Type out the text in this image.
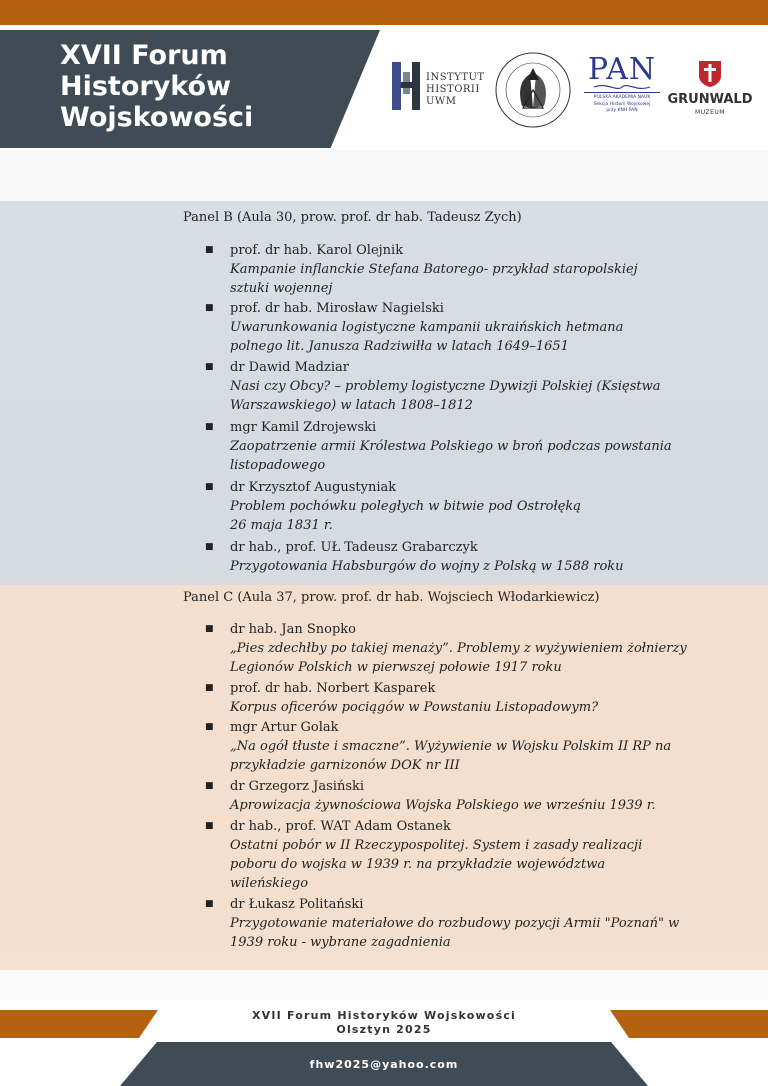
XVII Forum
Historyków
Wojskowości
INSTYTUT
HISTORII
UWM
PAN
POLSKA AKADEMIA NAUK
Sekcja Historii Wojskowej
przy KNH PAN
GRUNWALD
MUZEUM
Panel B (Aula 30, prow. prof. dr hab. Tadeusz Zych)
■ prof. dr hab. Karol Olejnik
Kampanie inflanckie Stefana Batorego- przykład staropolskiej
sztuki wojennej
■ prof. dr hab. Mirosław Nagielski
Uwarunkowania logistyczne kampanii ukraińskich hetmana
polnego lit. Janusza Radziwiłła w latach 1649–1651
■ dr Dawid Madziar
Nasi czy Obcy? – problemy logistyczne Dywizji Polskiej (Księstwa
Warszawskiego) w latach 1808–1812
■ mgr Kamil Zdrojewski
Zaopatrzenie armii Królestwa Polskiego w broń podczas powstania
listopadowego
■ dr Krzysztof Augustyniak
Problem pochówku poległych w bitwie pod Ostrołęką
26 maja 1831 r.
■ dr hab., prof. UŁ Tadeusz Grabarczyk
Przygotowania Habsburgów do wojny z Polską w 1588 roku
Panel C (Aula 37, prow. prof. dr hab. Wojsciech Włodarkiewicz)
■ dr hab. Jan Snopko
„Pies zdechłby po takiej menaży”. Problemy z wyżywieniem żołnierzy
Legionów Polskich w pierwszej połowie 1917 roku
■ prof. dr hab. Norbert Kasparek
Korpus oficerów pociągów w Powstaniu Listopadowym?
■ mgr Artur Golak
„Na ogół tłuste i smaczne”. Wyżywienie w Wojsku Polskim II RP na
przykładzie garnizonów DOK nr III
■ dr Grzegorz Jasiński
Aprowizacja żywnościowa Wojska Polskiego we wrześniu 1939 r.
■ dr hab., prof. WAT Adam Ostanek
Ostatni pobór w II Rzeczypospolitej. System i zasady realizacji
poboru do wojska w 1939 r. na przykładzie województwa
wileńskiego
■ dr Łukasz Politański
Przygotowanie materiałowe do rozbudowy pozycji Armii "Poznań" w
1939 roku - wybrane zagadnienia
XVII Forum Historyków Wojskowości
Olsztyn 2025
fhw2025@yahoo.com
